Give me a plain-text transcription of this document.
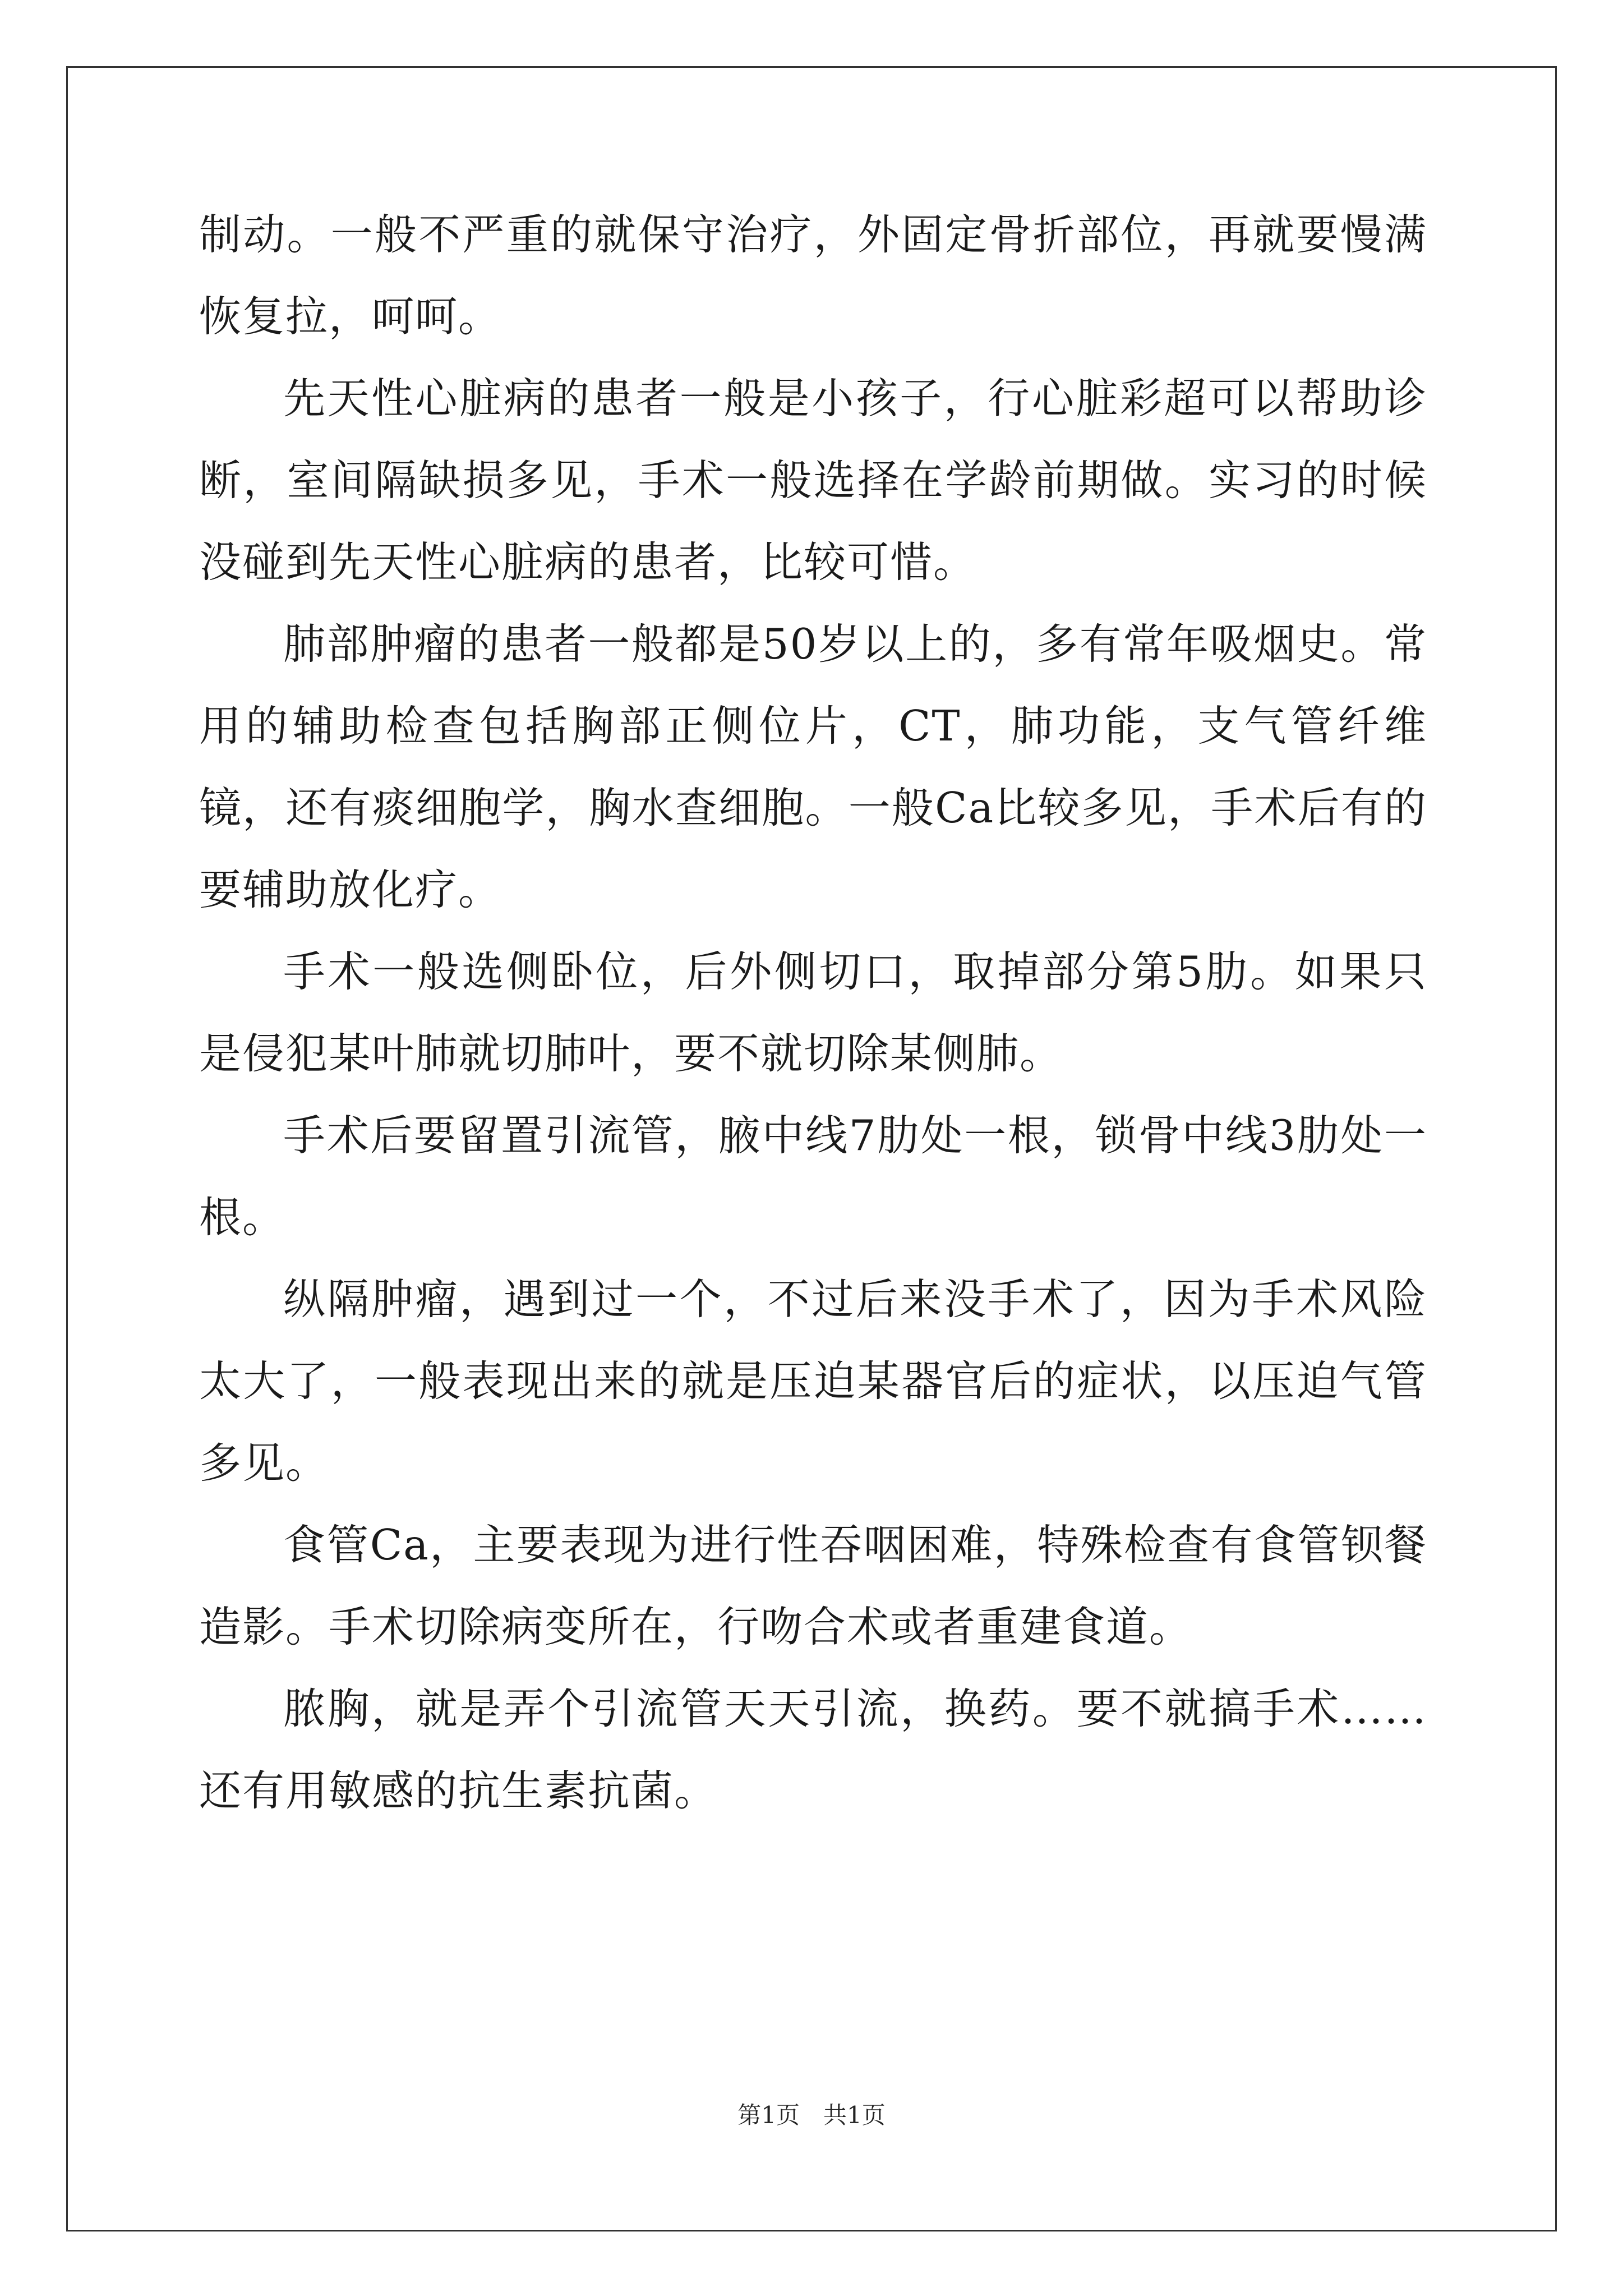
制动。一般不严重的就保守治疗，外固定骨折部位，再就要慢满恢复拉，呵呵。

先天性心脏病的患者一般是小孩子，行心脏彩超可以帮助诊断，室间隔缺损多见，手术一般选择在学龄前期做。实习的时候没碰到先天性心脏病的患者，比较可惜。

肺部肿瘤的患者一般都是50岁以上的，多有常年吸烟史。常用的辅助检查包括胸部正侧位片，CT，肺功能，支气管纤维镜，还有痰细胞学，胸水查细胞。一般Ca比较多见，手术后有的要辅助放化疗。

手术一般选侧卧位，后外侧切口，取掉部分第5肋。如果只是侵犯某叶肺就切肺叶，要不就切除某侧肺。

手术后要留置引流管，腋中线7肋处一根，锁骨中线3肋处一根。

纵隔肿瘤，遇到过一个，不过后来没手术了，因为手术风险太大了，一般表现出来的就是压迫某器官后的症状，以压迫气管多见。

食管Ca，主要表现为进行性吞咽困难，特殊检查有食管钡餐造影。手术切除病变所在，行吻合术或者重建食道。

脓胸，就是弄个引流管天天引流，换药。要不就搞手术……还有用敏感的抗生素抗菌。

第1页　共1页
